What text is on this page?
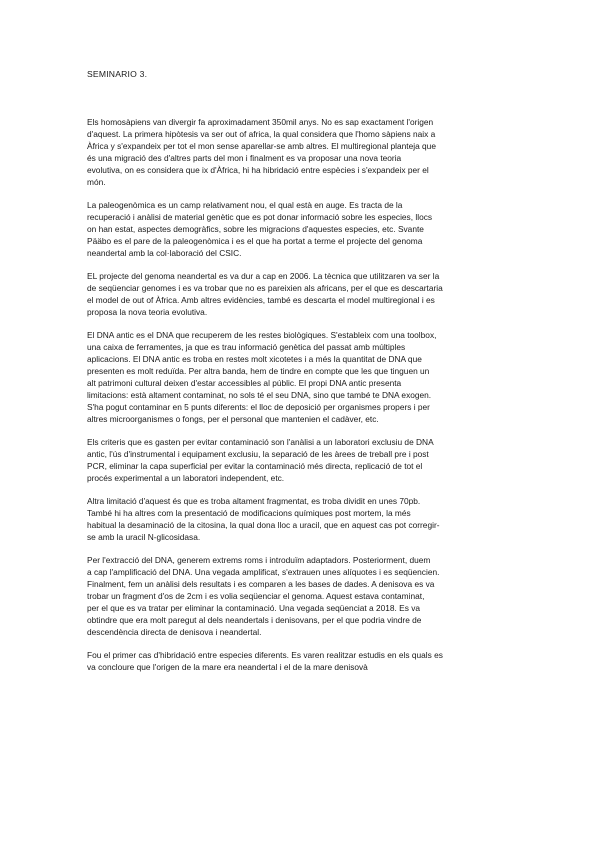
SEMINARIO 3.

Els homosàpiens van divergir fa aproximadament 350mil anys. No es sap exactament l'origen
d'aquest. La primera hipòtesis va ser out of africa, la qual considera que l'homo sàpiens naix a
Àfrica y s'expandeix per tot el mon sense aparellar-se amb altres. El multiregional planteja que
és una migració des d'altres parts del mon i finalment es va proposar una nova teoria
evolutiva, on es considera que ix d'Àfrica, hi ha hibridació entre espècies i s'expandeix per el
món.

La paleogenòmica es un camp relativament nou, el qual està en auge. Es tracta de la
recuperació i anàlisi de material genètic que es pot donar informació sobre les especies, llocs
on han estat, aspectes demogràfics, sobre les migracions d'aquestes especies, etc. Svante
Pääbo es el pare de la paleogenòmica i es el que ha portat a terme el projecte del genoma
neandertal amb la col·laboració del CSIC.

EL projecte del genoma neandertal es va dur a cap en 2006. La tècnica que utilitzaren va ser la
de seqüenciar genomes i es va trobar que no es pareixien als africans, per el que es descartaria
el model de out of Àfrica. Amb altres evidències, també es descarta el model multiregional i es
proposa la nova teoria evolutiva.

El DNA antic es el DNA que recuperem de les restes biològiques. S'estableix com una toolbox,
una caixa de ferramentes, ja que es trau informació genètica del passat amb múltiples
aplicacions. El DNA antic es troba en restes molt xicotetes i a més la quantitat de DNA que
presenten es molt reduïda. Per altra banda, hem de tindre en compte que les que tinguen un
alt patrimoni cultural deixen d'estar accessibles al públic. El propi DNA antic presenta
limitacions: està altament contaminat, no sols té el seu DNA, sino que també te DNA exogen.
S'ha pogut contaminar en 5 punts diferents: el lloc de deposició per organismes propers i per
altres microorganismes o fongs, per el personal que mantenien el cadàver, etc.

Els criteris que es gasten per evitar contaminació son l'anàlisi a un laboratori exclusiu de DNA
antic, l'ús d'instrumental i equipament exclusiu, la separació de les àrees de treball pre i post
PCR, eliminar la capa superficial per evitar la contaminació més directa, replicació de tot el
procés experimental a un laboratori independent, etc.

Altra limitació d'aquest és que es troba altament fragmentat, es troba dividit en unes 70pb.
També hi ha altres com la presentació de modificacions químiques post mortem, la més
habitual la desaminació de la citosina, la qual dona lloc a uracil, que en aquest cas pot corregir-
se amb la uracil N-glicosidasa.

Per l'extracció del DNA, generem extrems roms i introduïm adaptadors. Posteriorment, duem
a cap l'amplificació del DNA. Una vegada amplificat, s'extrauen unes alíquotes i es seqüencien.
Finalment, fem un anàlisi dels resultats i es comparen a les bases de dades. A denisova es va
trobar un fragment d'os de 2cm i es volia seqüenciar el genoma. Aquest estava contaminat,
per el que es va tratar per eliminar la contaminació. Una vegada seqüenciat a 2018. Es va
obtindre que era molt paregut al dels neandertals i denisovans, per el que podria vindre de
descendència directa de denisova i neandertal.

Fou el primer cas d'hibridació entre especies diferents. Es varen realitzar estudis en els quals es
va concloure que l'origen de la mare era neandertal i el de la mare denisovà
